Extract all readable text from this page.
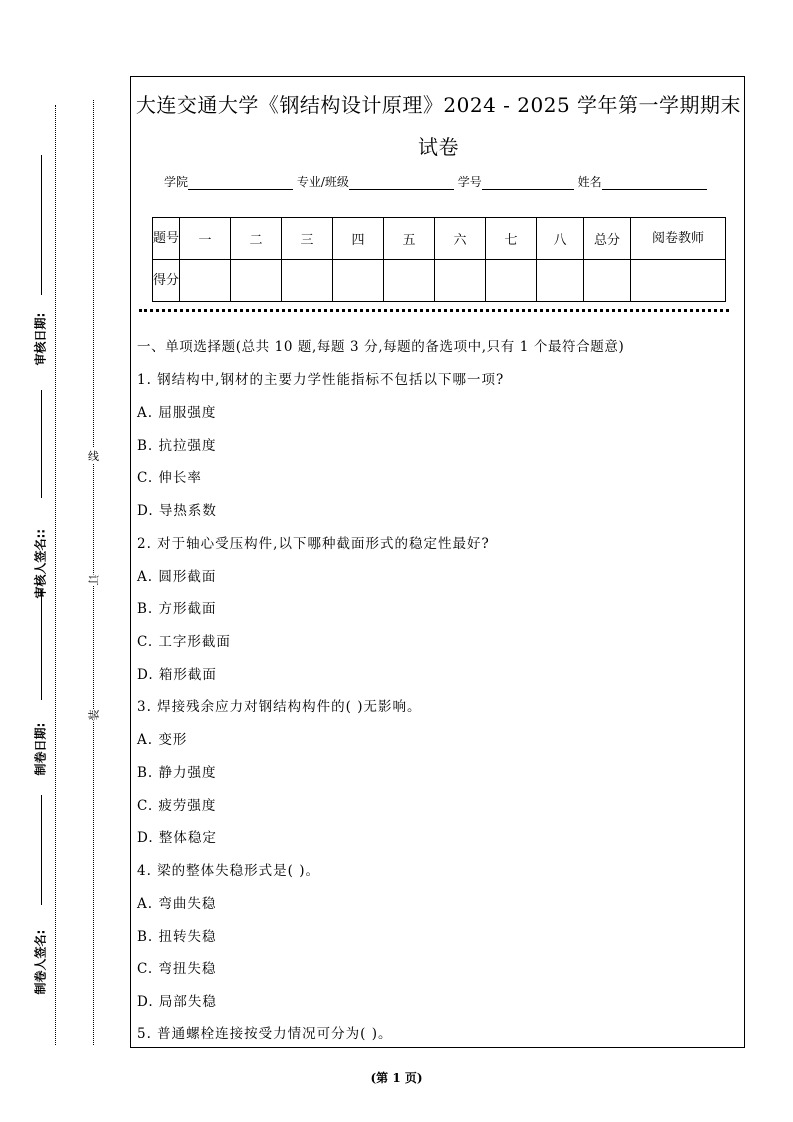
审核日期:
审核人签名::
制卷日期:
制卷人签名:
线
订
装
大连交通大学《钢结构设计原理》2024 - 2025 学年第一学期期末
试卷
学院	专业/班级	学号	姓名
题号	一	二	三	四	五	六	七	八	总分	阅卷教师
得分										
一、单项选择题(总共 10 题,每题 3 分,每题的备选项中,只有 1 个最符合题意)
1. 钢结构中,钢材的主要力学性能指标不包括以下哪一项?
A. 屈服强度
B. 抗拉强度
C. 伸长率
D. 导热系数
2. 对于轴心受压构件,以下哪种截面形式的稳定性最好?
A. 圆形截面
B. 方形截面
C. 工字形截面
D. 箱形截面
3. 焊接残余应力对钢结构构件的( )无影响。
A. 变形
B. 静力强度
C. 疲劳强度
D. 整体稳定
4. 梁的整体失稳形式是( )。
A. 弯曲失稳
B. 扭转失稳
C. 弯扭失稳
D. 局部失稳
5. 普通螺栓连接按受力情况可分为( )。
(第 1 页)
